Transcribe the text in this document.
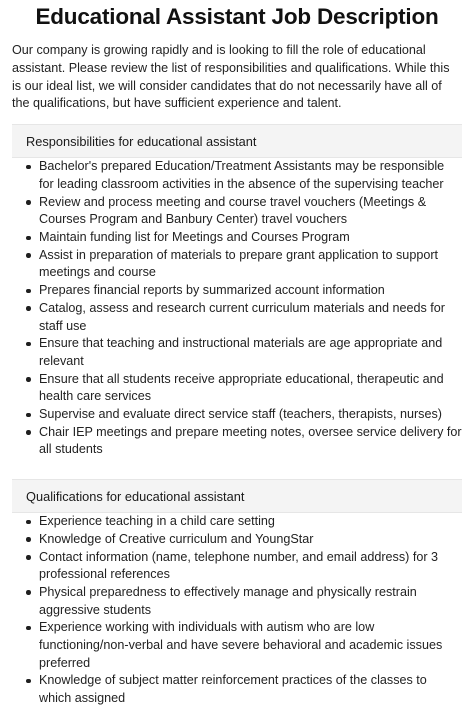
Educational Assistant Job Description

Our company is growing rapidly and is looking to fill the role of educational assistant. Please review the list of responsibilities and qualifications. While this is our ideal list, we will consider candidates that do not necessarily have all of the qualifications, but have sufficient experience and talent.

Responsibilities for educational assistant
Bachelor's prepared Education/Treatment Assistants may be responsible for leading classroom activities in the absence of the supervising teacher
Review and process meeting and course travel vouchers (Meetings & Courses Program and Banbury Center) travel vouchers
Maintain funding list for Meetings and Courses Program
Assist in preparation of materials to prepare grant application to support meetings and course
Prepares financial reports by summarized account information
Catalog, assess and research current curriculum materials and needs for staff use
Ensure that teaching and instructional materials are age appropriate and relevant
Ensure that all students receive appropriate educational, therapeutic and health care services
Supervise and evaluate direct service staff (teachers, therapists, nurses)
Chair IEP meetings and prepare meeting notes, oversee service delivery for all students
Qualifications for educational assistant
Experience teaching in a child care setting
Knowledge of Creative curriculum and YoungStar
Contact information (name, telephone number, and email address) for 3 professional references
Physical preparedness to effectively manage and physically restrain aggressive students
Experience working with individuals with autism who are low functioning/non-verbal and have severe behavioral and academic issues preferred
Knowledge of subject matter reinforcement practices of the classes to which assigned
